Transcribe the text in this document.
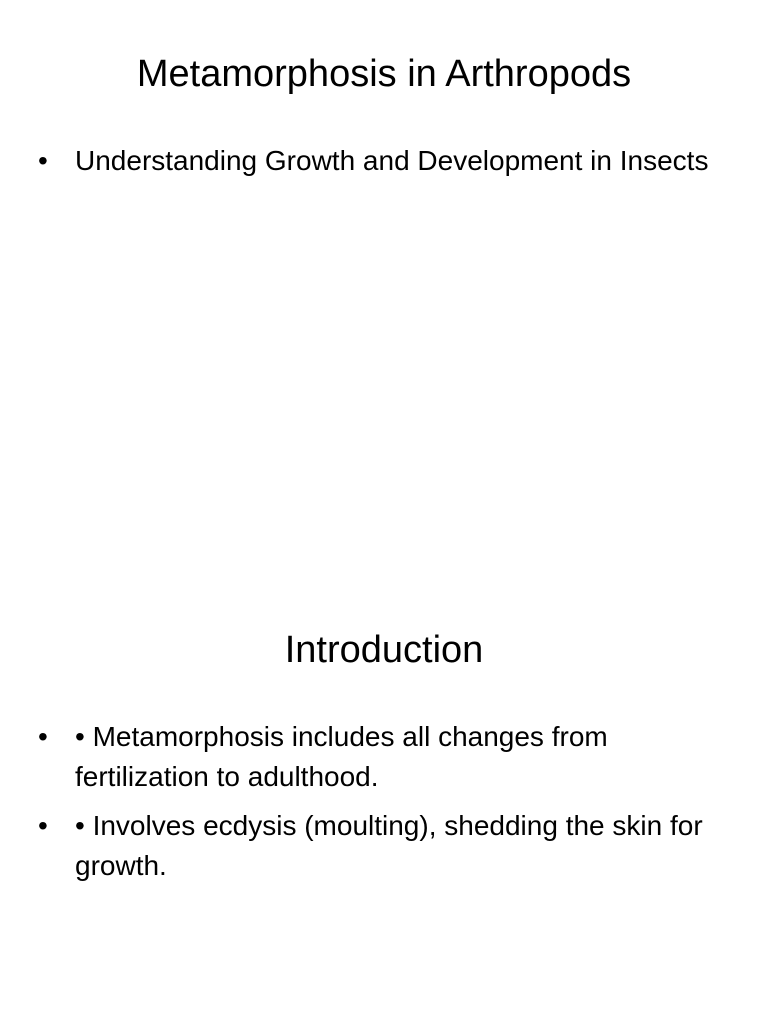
Metamorphosis in Arthropods
• Understanding Growth and Development in Insects
Introduction
• • Metamorphosis includes all changes from fertilization to adulthood.
• • Involves ecdysis (moulting), shedding the skin for growth.
